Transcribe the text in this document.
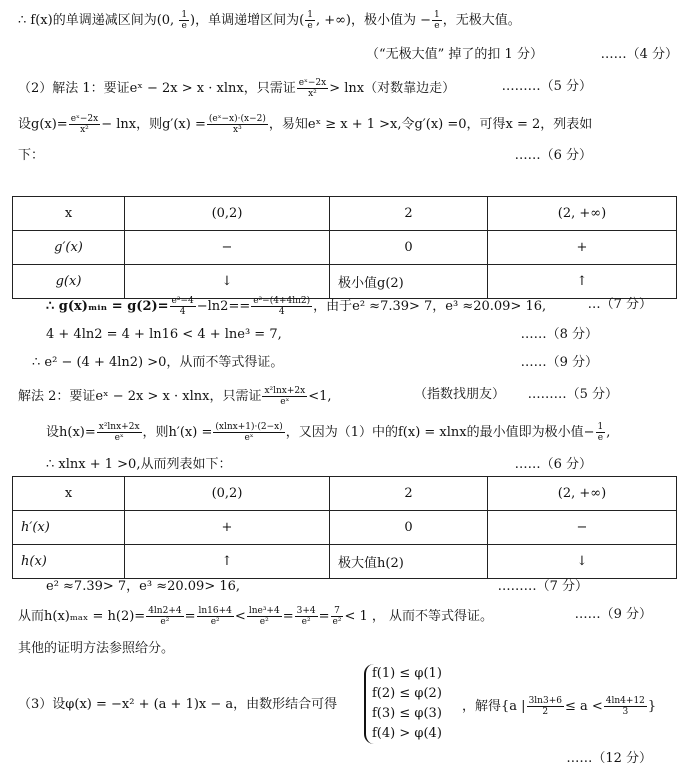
∴ f(x)的单调递减区间为(0, $\frac{1}{e}$ )，单调递增区间为( $\frac{1}{e}$ , +∞)，极小值为 − $\frac{1}{e}$ ，无极大值。
（“无极大值” 掉了的扣 1 分）	……（4 分）
（2）解法 1：要证eˣ − 2x > x · xlnx，只需证 $\frac{\text{eˣ−2x}}{\text{x²}} > \ln x$（对数靠边走）	………（5 分）
设$g(x)= \frac{\text{eˣ−2x}}{\text{x²}} - \ln x$，则$g'(x) = \frac{\text{(eˣ−x)·(x−2)}}{\text{x³}}$ ，易知eˣ ≥ x + 1 >x,令g′(x) =0，可得x = 2，列表如
下：	……（6 分）
x	(0,2)	2	(2, +∞)
g′(x)	−	0	+
g(x)	↓	极小值g(2)	↑
∴ g(x)ₘᵢₙ = $g(2)= \frac{\text{e²−4}}{4} -\ln 2== \frac{\text{e²−(4+4ln2)}}{4}$ ，由于e² ≈7.39> 7，e³ ≈20.09> 16,	…（7 分）
4 + 4ln2 = 4 + ln16 < 4 + lne³ = 7,	……（8 分）
∴ e² − (4 + 4ln2) >0，从而不等式得证。	……（9 分）
解法 2：要证eˣ − 2x > x · xlnx，只需证 $\frac{\text{x²lnx+2x}}{\text{eˣ}} <1$,	（指数找朋友） ………（5 分）
设$h(x)= \frac{\text{x²lnx+2x}}{\text{eˣ}}$ ，则$h'(x) = \frac{(xlnx+1)\cdot(2-x)}{\text{eˣ}}$ ，又因为（1）中的f(x) = xlnx的最小值即为极小值− $\frac{1}{e}$ ,
∴ xlnx + 1 >0,从而列表如下：	……（6 分）
x	(0,2)	2	(2, +∞)
h′(x)	+	0	−
h(x)	↑	极大值h(2)	↓
e² ≈7.39> 7，e³ ≈20.09> 16,	………（7 分）
从而$h(x)_{max} = h(2)= \frac{4\ln 2+4}{\text{e²}} = \frac{\ln 16+4}{\text{e²}} < \frac{\text{lne³+4}}{\text{e²}} = \frac{3+4}{\text{e²}} = \frac{7}{\text{e²}} < 1$ ， 从而不等式得证。	……（9 分）
其他的证明方法参照给分。
（3）设φ(x) = −x² + (a + 1)x − a，由数形结合可得
f(1) ≤ φ(1)
f(2) ≤ φ(2)
f(3) ≤ φ(3)
f(4) > φ(4)
，解得{a | $\frac{3\ln 3+6}{2} \le a < \frac{4\ln 4+12}{3}$ }
……（12 分）
